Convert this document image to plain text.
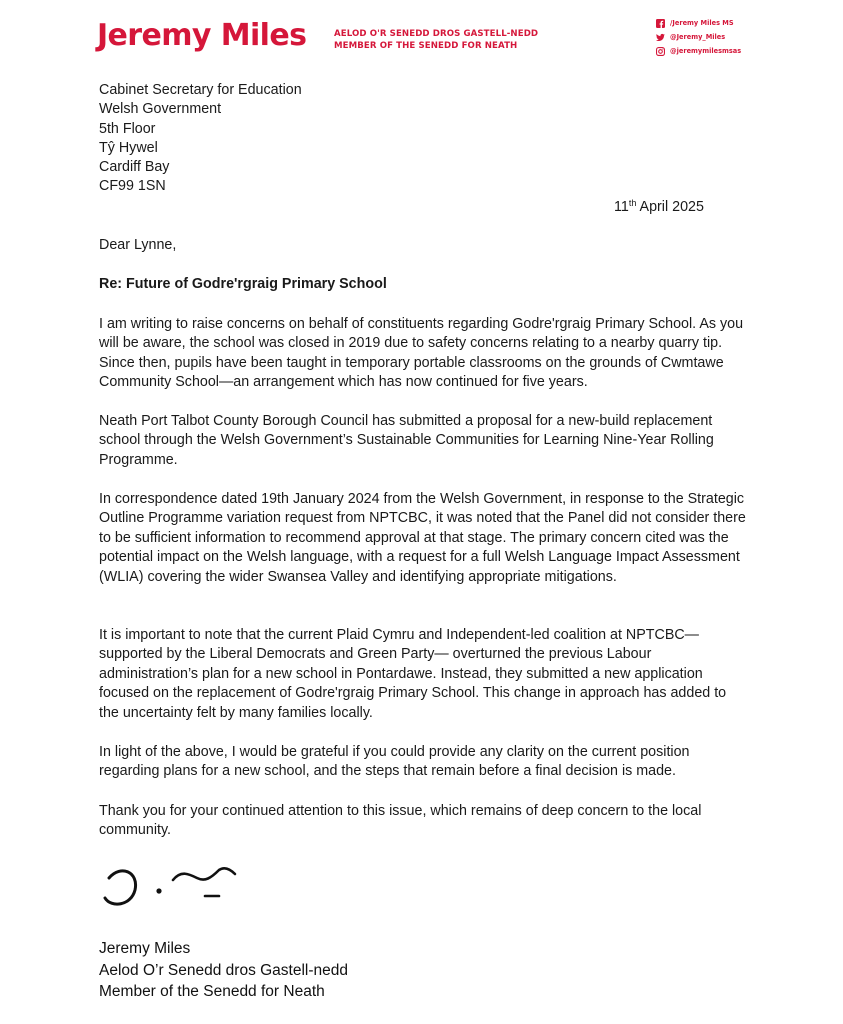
Jeremy Miles	AELOD O'R SENEDD DROS GASTELL-NEDD
MEMBER OF THE SENEDD FOR NEATH
/Jeremy Miles MS
@Jeremy_Miles
@jeremymilesmsas
Cabinet Secretary for Education
Welsh Government
5th Floor
Tŷ Hywel
Cardiff Bay
CF99 1SN
11th April 2025
Dear Lynne,
Re: Future of Godre'rgraig Primary School

I am writing to raise concerns on behalf of constituents regarding Godre'rgraig Primary School. As you will be aware, the school was closed in 2019 due to safety concerns relating to a nearby quarry tip. Since then, pupils have been taught in temporary portable classrooms on the grounds of Cwmtawe Community School—an arrangement which has now continued for five years.

Neath Port Talbot County Borough Council has submitted a proposal for a new-build replacement school through the Welsh Government’s Sustainable Communities for Learning Nine-Year Rolling Programme.

In correspondence dated 19th January 2024 from the Welsh Government, in response to the Strategic Outline Programme variation request from NPTCBC, it was noted that the Panel did not consider there to be sufficient information to recommend approval at that stage. The primary concern cited was the potential impact on the Welsh language, with a request for a full Welsh Language Impact Assessment (WLIA) covering the wider Swansea Valley and identifying appropriate mitigations.

It is important to note that the current Plaid Cymru and Independent-led coalition at NPTCBC—supported by the Liberal Democrats and Green Party— overturned the previous Labour administration’s plan for a new school in Pontardawe. Instead, they submitted a new application focused on the replacement of Godre'rgraig Primary School. This change in approach has added to the uncertainty felt by many families locally.

In light of the above, I would be grateful if you could provide any clarity on the current position regarding plans for a new school, and the steps that remain before a final decision is made.

Thank you for your continued attention to this issue, which remains of deep concern to the local community.

Jeremy Miles
Aelod O’r Senedd dros Gastell-nedd
Member of the Senedd for Neath
